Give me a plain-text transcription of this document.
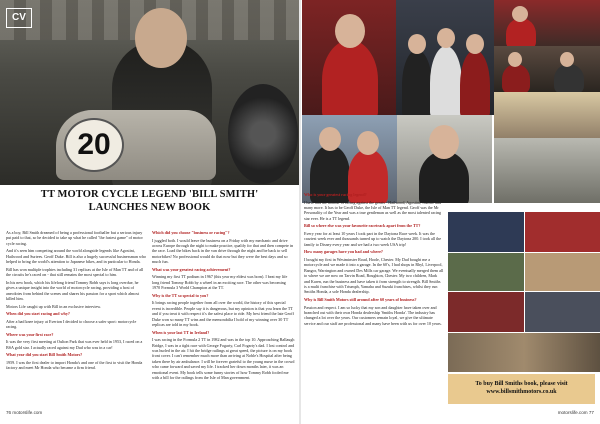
20
CV
TT MOTOR CYCLE LEGEND 'BILL SMITH'
LAUNCHES NEW BOOK

As a boy, Bill Smith dreamed of being a professional footballer but a serious injury put paid to that, so he decided to take up what he called "the fastest game" of motor cycle racing.

And it's seen him competing around the world alongside legends like Agostini, Hailwood and Surtees. Geoff Duke. Bill is also a hugely successful businessman who helped to bring the world's attention to Japanese bikes, and in particular to Honda.

Bill has won multiple trophies including 31 replicas at the Isle of Man TT and of all the circuits he's raced on - that still remains the most special to him.

In his new book, which his lifelong friend Tommy Robb says is long overdue, he gives a unique insight into the world of motorcycle racing, providing a host of anecdotes from behind the scenes and shares his passion for a sport which almost killed him.

Motors Life caught up with Bill in an exclusive interview.

When did you start racing and why?

After a bad knee injury at Everton I decided to choose a safer sport: motorcycle racing.

Where was your first race?

It was the very first meeting at Oulton Park that was ever held in 1953, I raced on a BSA gold star. I actually raced against my Dad who was in a car!

What year did you start Bill Smith Motors?

1959. I was the first dealer to import Honda's and one of the first to visit the Honda factory and meet Mr Honda who became a firm friend.

Which did you choose "business or racing"?

I juggled both. I would leave the business on a Friday with my mechanic and drive across Europe through the night to make practice, qualify for that and then compete in the race. Load the bikes back in the van drive through the night and be back to sell motorbikes! No professional would do that now but they were the best days and so much fun.

What was your greatest racing achievement?

Winning my first TT podium in 1967 (this year my eldest was born). I beat my life long friend Tommy Robb by a wheel in an exciting race. The other was becoming 1970 Formula 3 World Champion at the TT.

Why is the TT so special to you?

It brings racing people together from all over the world, the history of this special event is incredible. People say it is dangerous, but my opinion is that you learn the TT and if you treat it with respect it's the safest place to ride. My best friend the late Geoff Duke won so many TT wins and the memorabilia I hold of my winning over 30 TT replicas are told in my book.

When is your last TT in Ireland?

I was racing in the Formula 2 TT in 1982 and was in the top 10. Approaching Ballaugh Bridge, I was in a tight race with George Fogarty, Carl Fogarty's dad. I lost control and was hurled in the air. I hit the bridge railings at great speed, the picture is on my book front cover. I can't remember much more than arriving at Noble's Hospital after being taken there by air ambulance. I will be forever grateful to the young nurse in the crowd who came forward and saved my life. I tracked her down months later, it was an emotional event. My book tells some funny stories of how Tommy Robb fooled me with a bill for the railings from the Isle of Man government.

Who is your greatest racing legend?

I have had the honour of racing against the greats - Hailwood, Agostini, Sheene and many more. It has to be Geoff Duke, the Isle of Man TT legend. Geoff was the Mr Personality of the Year and was a true gentleman as well as the most talented racing star ever. He is a TT legend.

Bill so where else was your favourite racetrack apart from the TT?

Every year for at least 10 years I took part in the Daytona Race week. It was the craziest week ever and thousands turned up to watch the Daytona 200. I took all the family to Disney every year and we had a two week USA trip!

How many garages have you had and where?

I bought my first in Westminster Road, Hoole, Chester. My Dad bought me a motorcycle and we made it into a garage. In the 60's, I had shops in Rhyl, Liverpool, Bangor, Warrington and owned Des Mills car garage. We eventually merged them all to where we are now on Tarvin Road, Boughton, Chester. My two children, Mark and Karen, run the business and have taken it from strength to strength. Bill Smiths is a multi franchise with Triumph, Yamaha and Suzuki franchises, whilst they run Smiths Honda, a sole Honda dealership.

Why is Bill Smith Motors still around after 60 years of business?

Passion and respect. I am so lucky that my son and daughter have taken over and branched out with their own Honda dealership 'Smiths Honda'. The industry has changed a lot over the years. Our customers remain loyal, we give the ultimate service and our staff are professional and many have been with us for over 10 years.

To buy Bill Smiths book, please visit
www.billsmithmotors.co.uk
76 motorslife.com	motorslife.com 77
